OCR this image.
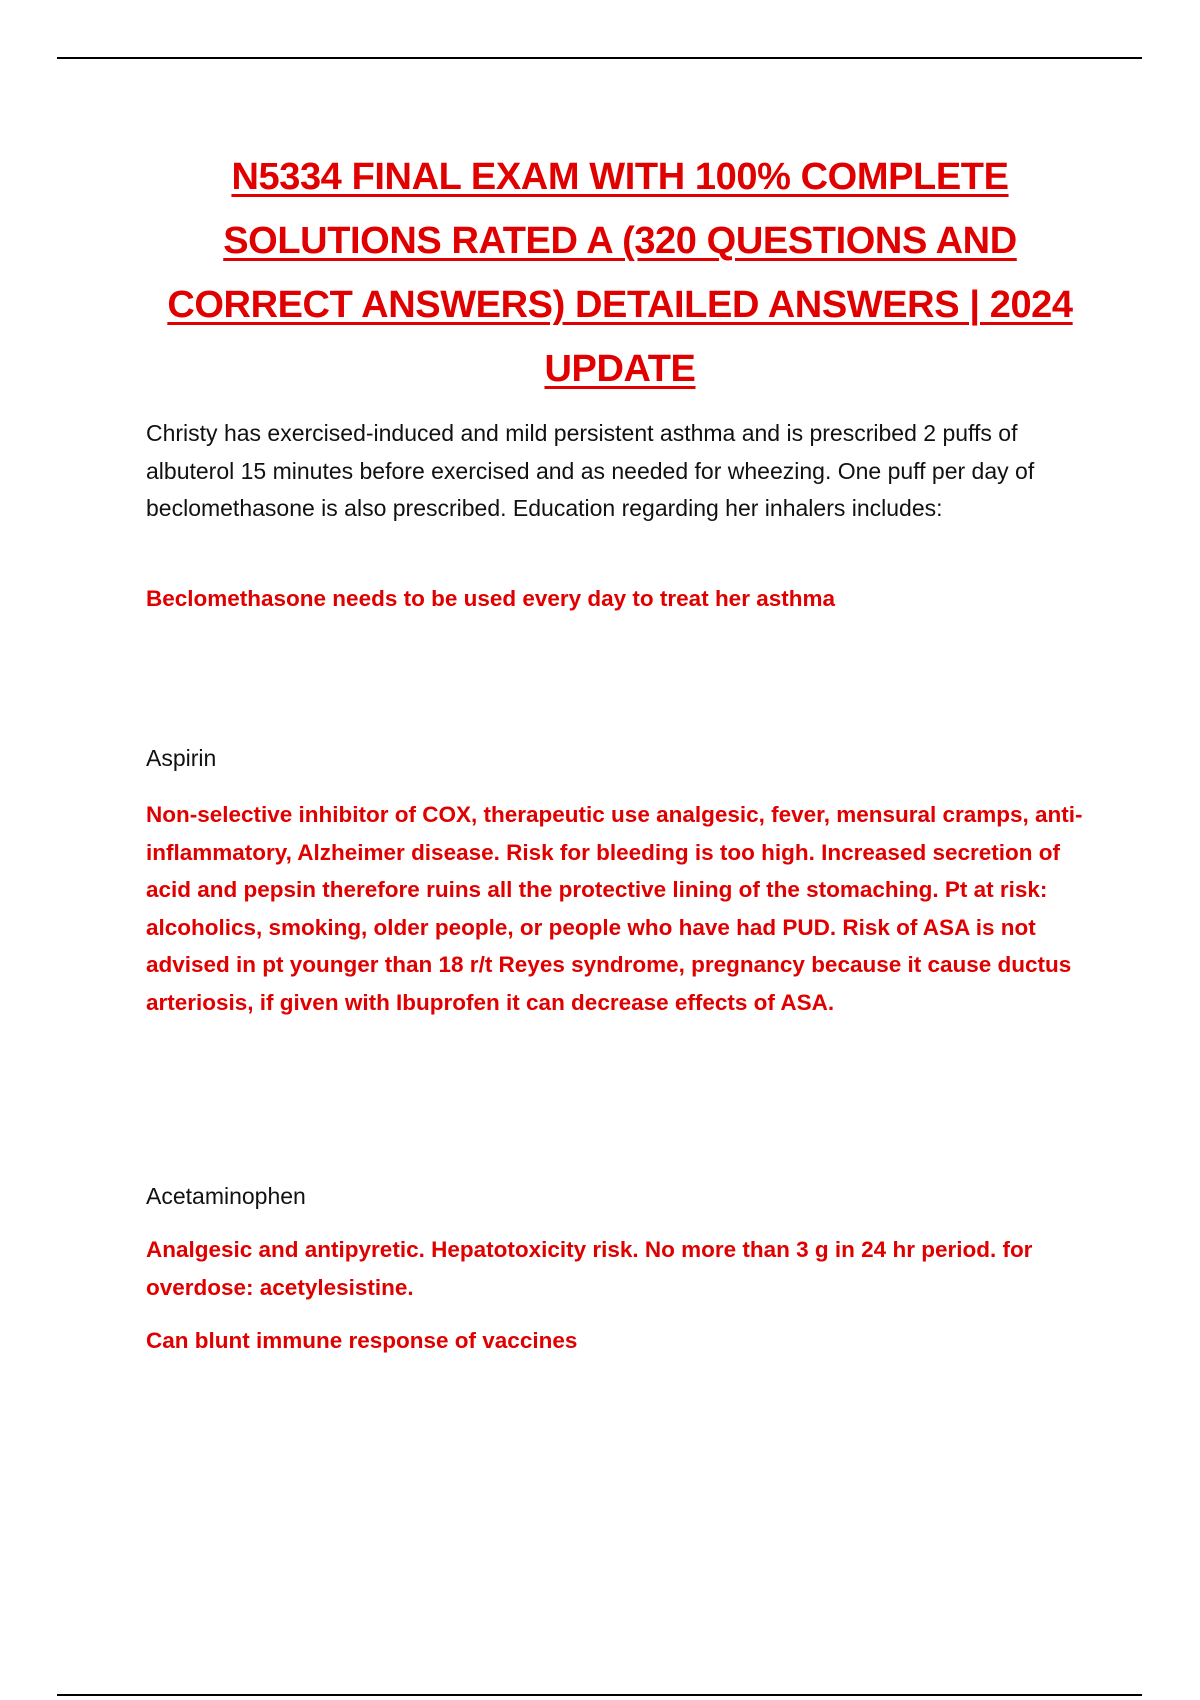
N5334 FINAL EXAM WITH 100% COMPLETE SOLUTIONS RATED A (320 QUESTIONS AND CORRECT ANSWERS) DETAILED ANSWERS | 2024 UPDATE

Christy has exercised-induced and mild persistent asthma and is prescribed 2 puffs of albuterol 15 minutes before exercised and as needed for wheezing. One puff per day of beclomethasone is also prescribed. Education regarding her inhalers includes:

Beclomethasone needs to be used every day to treat her asthma

Aspirin

Non-selective inhibitor of COX, therapeutic use analgesic, fever, mensural cramps, anti-inflammatory, Alzheimer disease. Risk for bleeding is too high. Increased secretion of acid and pepsin therefore ruins all the protective lining of the stomaching. Pt at risk: alcoholics, smoking, older people, or people who have had PUD. Risk of ASA is not advised in pt younger than 18 r/t Reyes syndrome, pregnancy because it cause ductus arteriosis, if given with Ibuprofen it can decrease effects of ASA.

Acetaminophen

Analgesic and antipyretic. Hepatotoxicity risk. No more than 3 g in 24 hr period. for overdose: acetylesistine.

Can blunt immune response of vaccines
